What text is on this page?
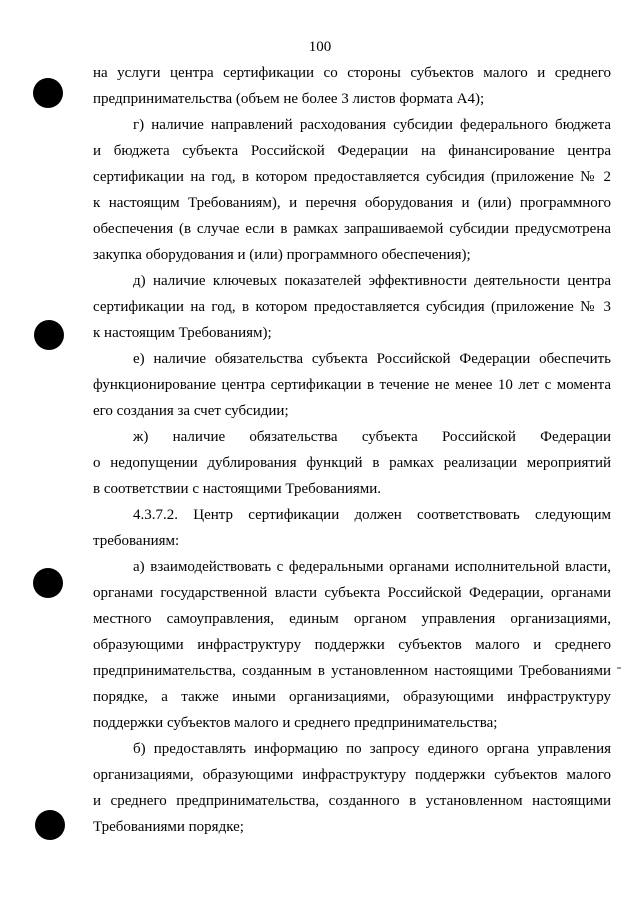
100
на услуги центра сертификации со стороны субъектов малого и среднего
предпринимательства (объем не более 3 листов формата А4);
г) наличие направлений расходования субсидии федерального бюджета
и бюджета субъекта Российской Федерации на финансирование центра
сертификации на год, в котором предоставляется субсидия (приложение № 2
к настоящим Требованиям), и перечня оборудования и (или) программного
обеспечения (в случае если в рамках запрашиваемой субсидии предусмотрена
закупка оборудования и (или) программного обеспечения);
д) наличие ключевых показателей эффективности деятельности центра
сертификации на год, в котором предоставляется субсидия (приложение № 3
к настоящим Требованиям);
е) наличие обязательства субъекта Российской Федерации обеспечить
функционирование центра сертификации в течение не менее 10 лет с момента
его создания за счет субсидии;
ж) наличие обязательства субъекта Российской Федерации
о недопущении дублирования функций в рамках реализации мероприятий
в соответствии с настоящими Требованиями.
4.3.7.2. Центр сертификации должен соответствовать следующим
требованиям:
а) взаимодействовать с федеральными органами исполнительной власти,
органами государственной власти субъекта Российской Федерации, органами
местного самоуправления, единым органом управления организациями,
образующими инфраструктуру поддержки субъектов малого и среднего
предпринимательства, созданным в установленном настоящими Требованиями
порядке, а также иными организациями, образующими инфраструктуру
поддержки субъектов малого и среднего предпринимательства;
б) предоставлять информацию по запросу единого органа управления
организациями, образующими инфраструктуру поддержки субъектов малого
и среднего предпринимательства, созданного в установленном настоящими
Требованиями порядке;
